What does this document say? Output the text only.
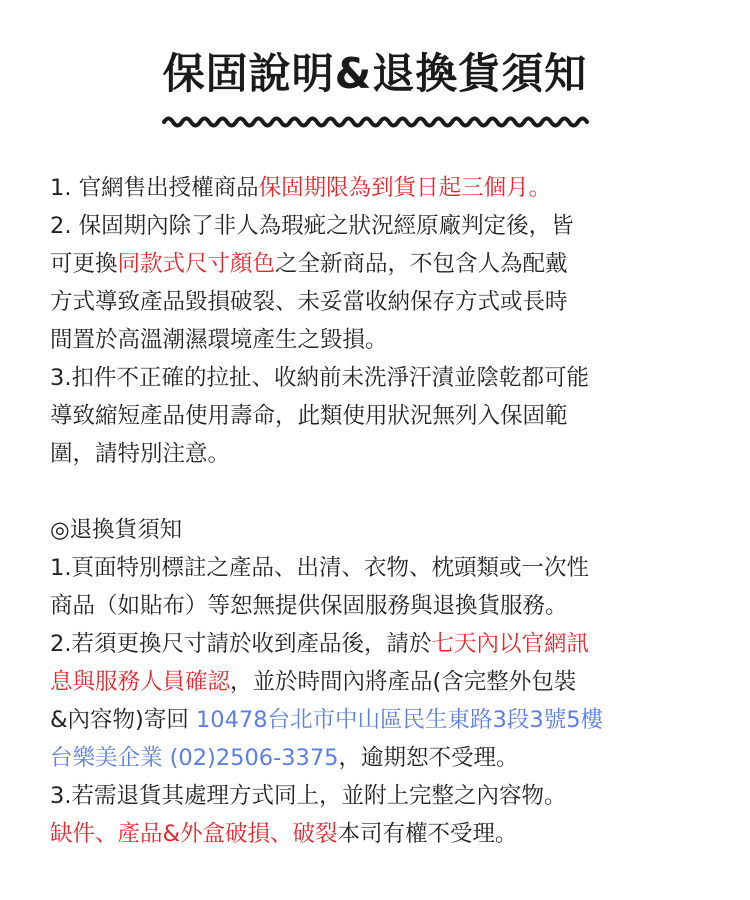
保固說明&退換貨須知

1. 官網售出授權商品保固期限為到貨日起三個月。

2. 保固期內除了非人為瑕疵之狀況經原廠判定後，皆

可更換同款式尺寸顏色之全新商品，不包含人為配戴

方式導致產品毀損破裂、未妥當收納保存方式或長時

間置於高溫潮濕環境產生之毀損。

3.扣件不正確的拉扯、收納前未洗淨汗漬並陰乾都可能

導致縮短產品使用壽命，此類使用狀況無列入保固範

圍，請特別注意。

◎退換貨須知

1.頁面特別標註之產品、出清、衣物、枕頭類或一次性

商品（如貼布）等恕無提供保固服務與退換貨服務。

2.若須更換尺寸請於收到產品後，請於七天內以官網訊

息與服務人員確認，並於時間內將產品(含完整外包裝

&內容物)寄回 10478台北市中山區民生東路3段3號5樓

台樂美企業 (02)2506-3375，逾期恕不受理。

3.若需退貨其處理方式同上，並附上完整之內容物。

缺件、產品&外盒破損、破裂本司有權不受理。
